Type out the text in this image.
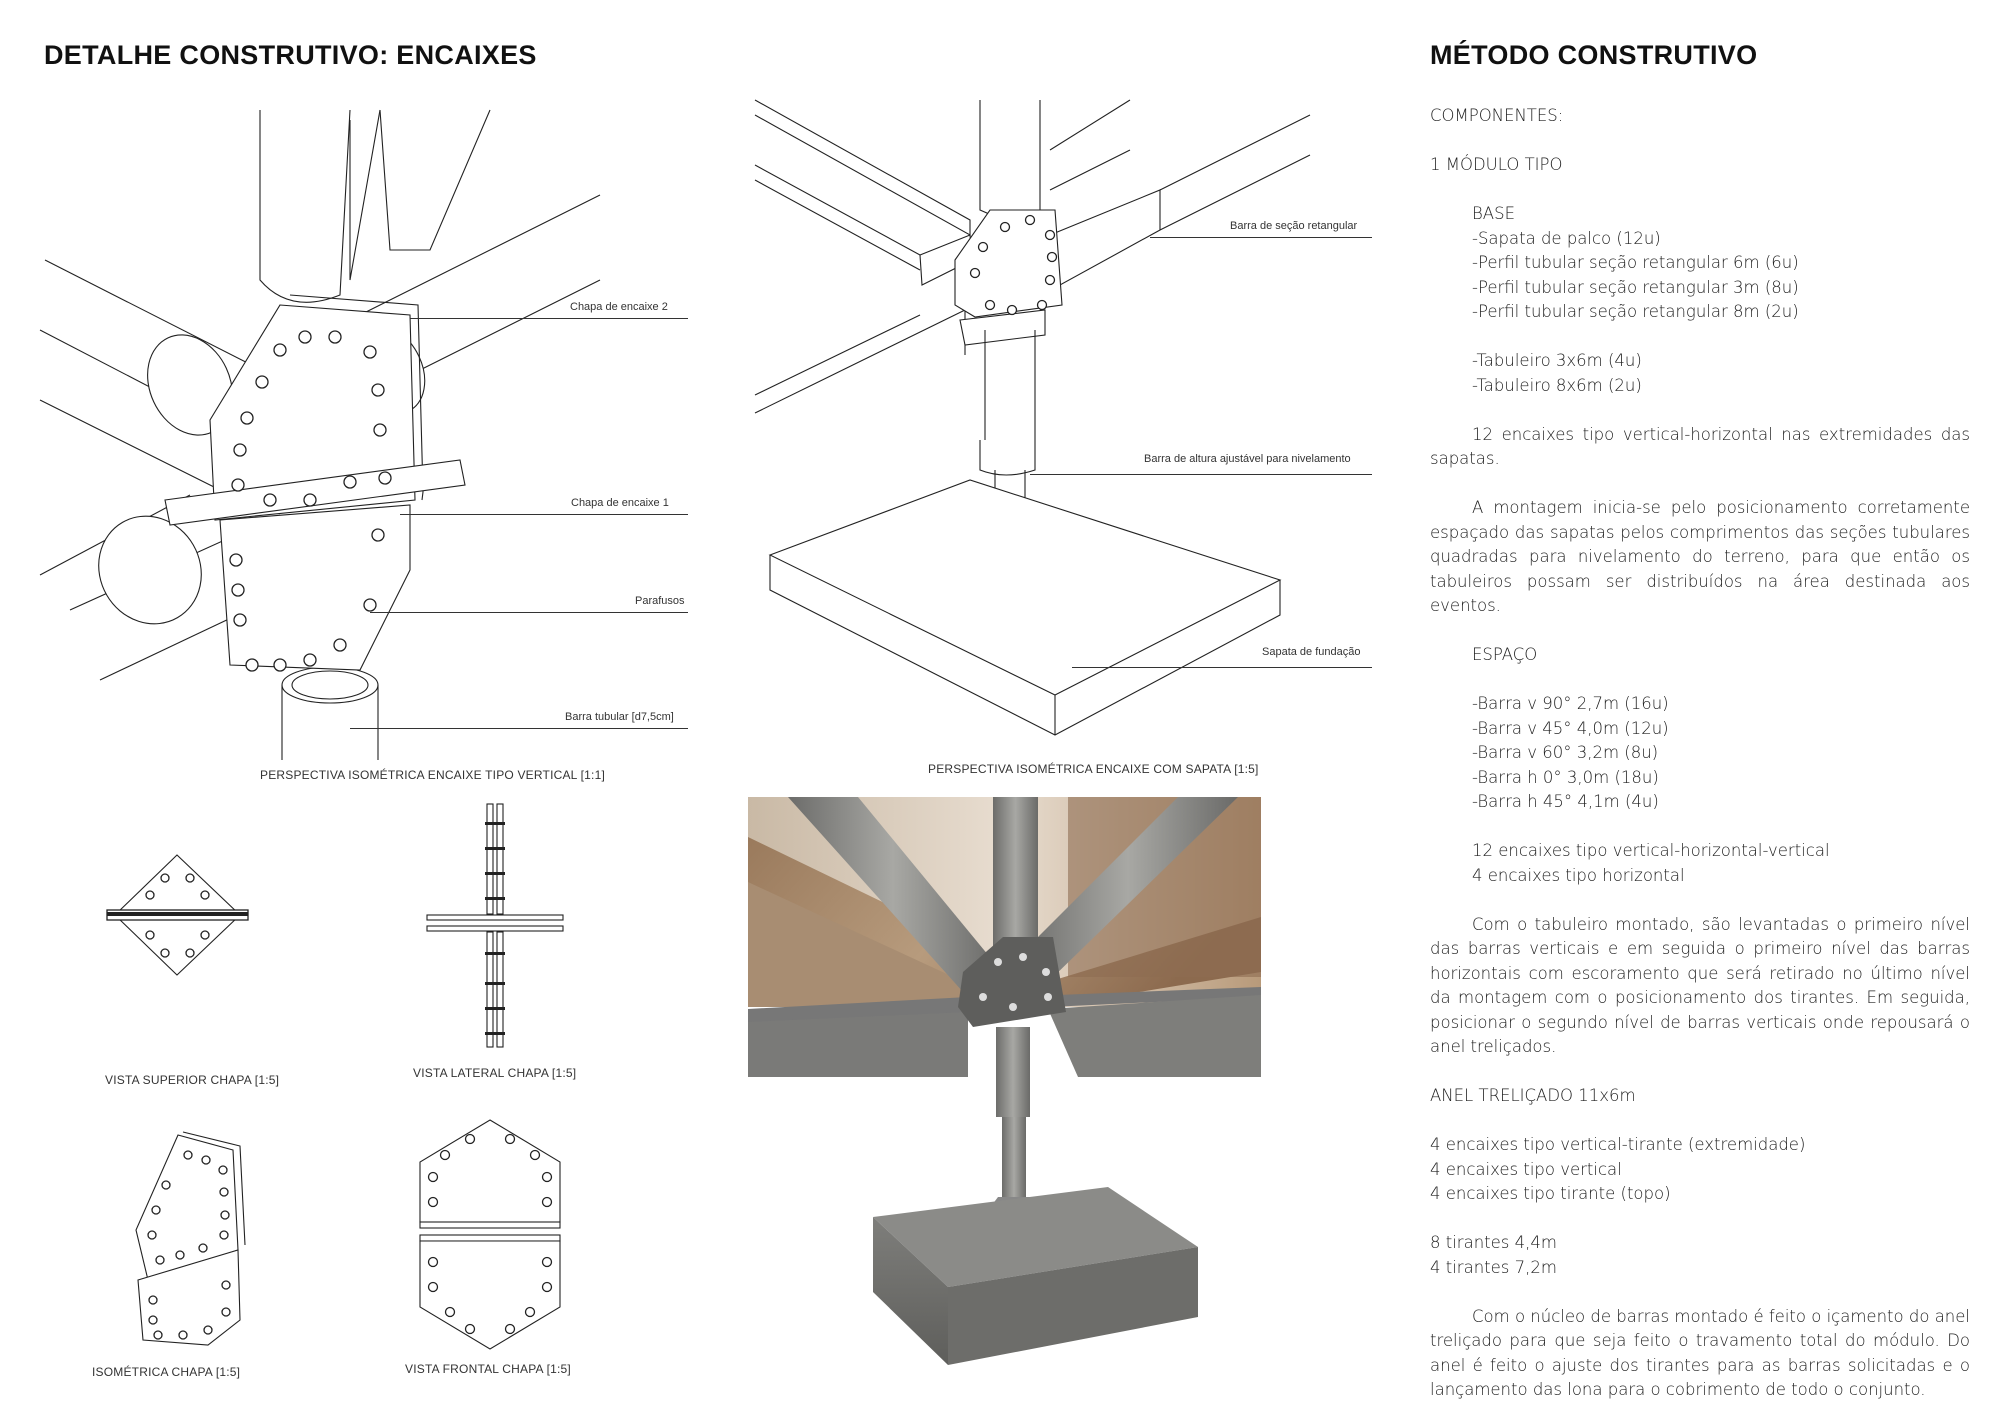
DETALHE CONSTRUTIVO: ENCAIXES	MÉTODO CONSTRUTIVO
Chapa de encaixe 2
Chapa de encaixe 1
Parafusos
Barra tubular [d7,5cm]
PERSPECTIVA ISOMÉTRICA ENCAIXE TIPO VERTICAL [1:1]
Barra de seção retangular
Barra de altura ajustável para nivelamento
Sapata de fundação
PERSPECTIVA ISOMÉTRICA ENCAIXE COM SAPATA [1:5]
VISTA SUPERIOR CHAPA [1:5]	VISTA LATERAL CHAPA [1:5]
ISOMÉTRICA CHAPA [1:5]	VISTA FRONTAL CHAPA [1:5]

COMPONENTES:

1 MÓDULO TIPO

BASE

-Sapata de palco (12u)

-Perfil tubular seção retangular 6m (6u)

-Perfil tubular seção retangular 3m (8u)

-Perfil tubular seção retangular 8m (2u)

-Tabuleiro 3x6m (4u)

-Tabuleiro 8x6m (2u)

12 encaixes tipo vertical-horizontal nas extremidades das sapatas.

A montagem inicia-se pelo posicionamento corretamente espaçado das sapatas pelos comprimentos das seções tubulares quadradas para nivelamento do terreno, para que então os tabuleiros possam ser distribuídos na área destinada aos eventos.

ESPAÇO

-Barra v 90° 2,7m (16u)

-Barra v 45° 4,0m (12u)

-Barra v 60° 3,2m (8u)

-Barra h 0° 3,0m (18u)

-Barra h 45° 4,1m (4u)

12 encaixes tipo vertical-horizontal-vertical

4 encaixes tipo horizontal

Com o tabuleiro montado, são levantadas o primeiro nível das barras verticais e em seguida o primeiro nível das barras horizontais com escoramento que será retirado no último nível da montagem com o posicionamento dos tirantes. Em seguida, posicionar o segundo nível de barras verticais onde repousará o anel treliçados.

ANEL TRELIÇADO 11x6m

4 encaixes tipo vertical-tirante (extremidade)

4 encaixes tipo vertical

4 encaixes tipo tirante (topo)

8 tirantes 4,4m

4 tirantes 7,2m

Com o núcleo de barras montado é feito o içamento do anel treliçado para que seja feito o travamento total do módulo. Do anel é feito o ajuste dos tirantes para as barras solicitadas e o lançamento das lona para o cobrimento de todo o conjunto.
